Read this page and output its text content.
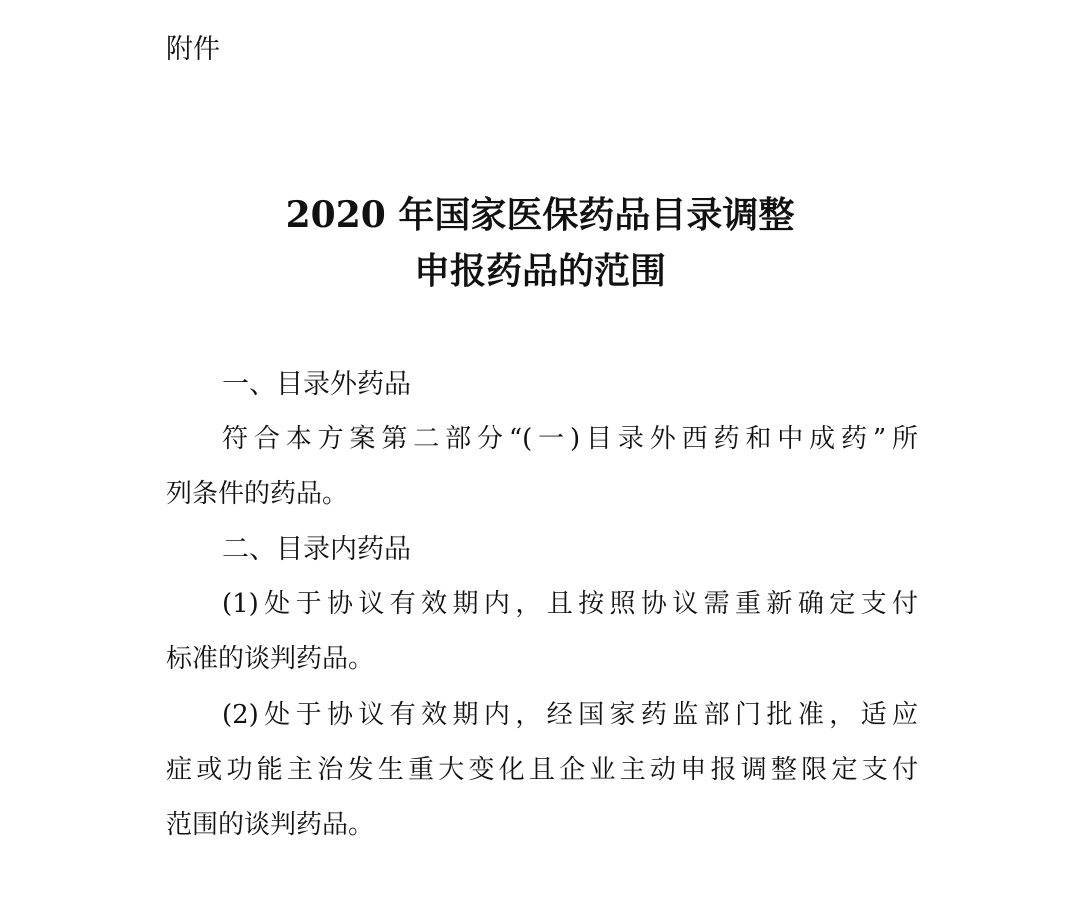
附件
2020 年国家医保药品目录调整
申报药品的范围
一、目录外药品
符合本方案第二部分“(一)目录外西药和中成药”所
列条件的药品。
二、目录内药品
(1)处于协议有效期内，且按照协议需重新确定支付
标准的谈判药品。
(2)处于协议有效期内，经国家药监部门批准，适应
症或功能主治发生重大变化且企业主动申报调整限定支付
范围的谈判药品。
